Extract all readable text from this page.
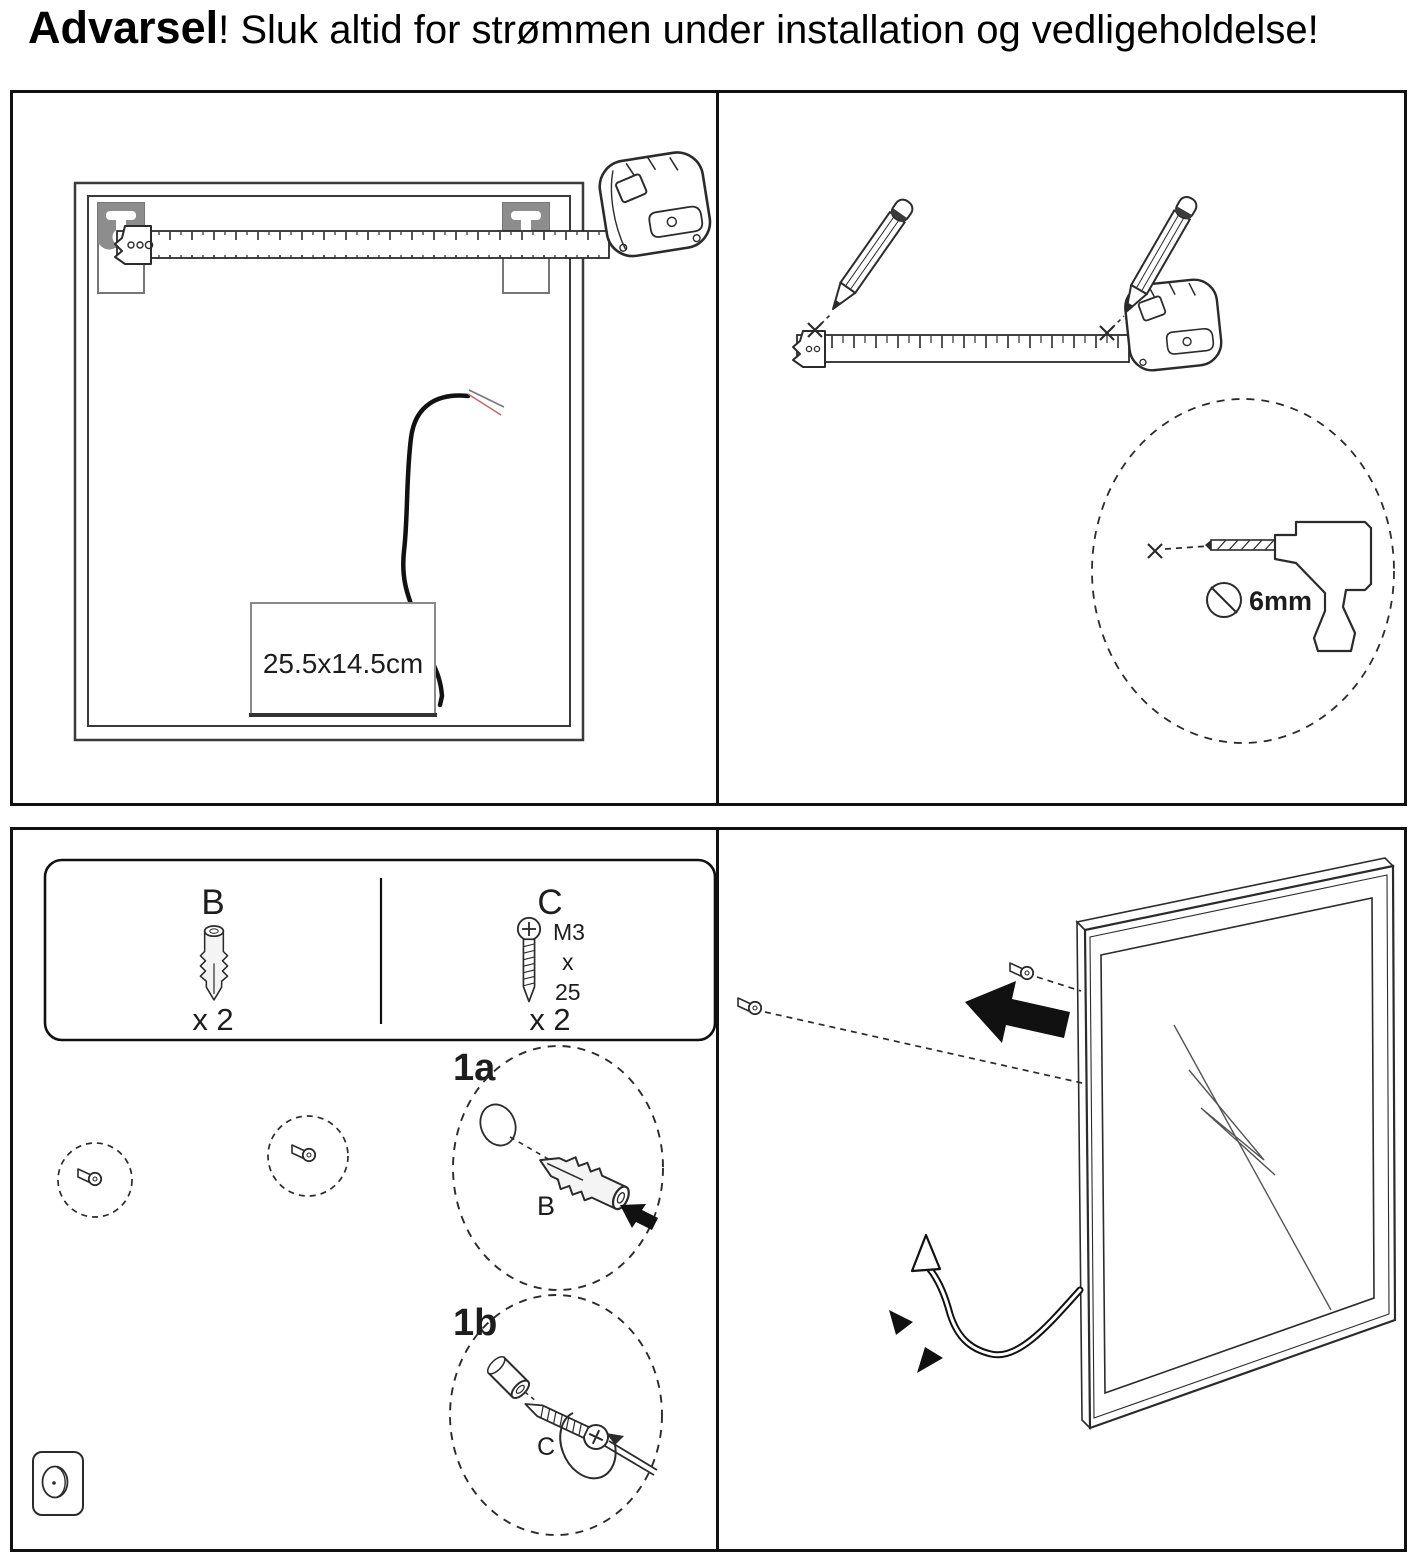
Advarsel! Sluk altid for strømmen under installation og vedligeholdelse!
25.5x14.5cm
6mm
B
x 2
C
M3
x
25
x 2
1a
B
1b
C
